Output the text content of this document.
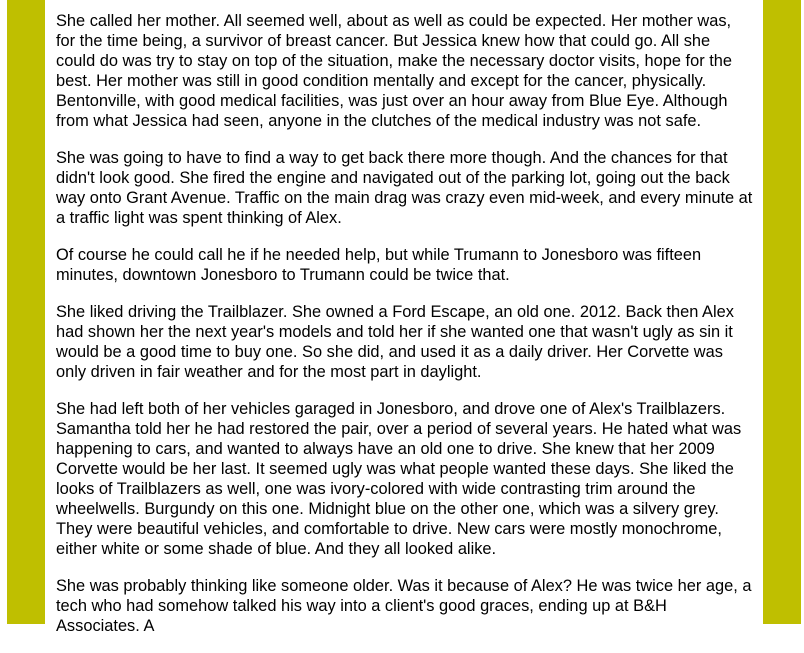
She called her mother. All seemed well, about as well as could be expected. Her mother was, for the time being, a survivor of breast cancer. But Jessica knew how that could go. All she could do was try to stay on top of the situation, make the necessary doctor visits, hope for the best. Her mother was still in good condition mentally and except for the cancer, physically. Bentonville, with good medical facilities, was just over an hour away from Blue Eye. Although from what Jessica had seen, anyone in the clutches of the medical industry was not safe.

She was going to have to find a way to get back there more though. And the chances for that didn't look good. She fired the engine and navigated out of the parking lot, going out the back way onto Grant Avenue. Traffic on the main drag was crazy even mid-week, and every minute at a traffic light was spent thinking of Alex.

Of course he could call he if he needed help, but while Trumann to Jonesboro was fifteen minutes, downtown Jonesboro to Trumann could be twice that.

She liked driving the Trailblazer. She owned a Ford Escape, an old one. 2012. Back then Alex had shown her the next year's models and told her if she wanted one that wasn't ugly as sin it would be a good time to buy one. So she did, and used it as a daily driver. Her Corvette was only driven in fair weather and for the most part in daylight.

She had left both of her vehicles garaged in Jonesboro, and drove one of Alex's Trailblazers. Samantha told her he had restored the pair, over a period of several years. He hated what was happening to cars, and wanted to always have an old one to drive. She knew that her 2009 Corvette would be her last. It seemed ugly was what people wanted these days. She liked the looks of Trailblazers as well, one was ivory-colored with wide contrasting trim around the wheelwells. Burgundy on this one. Midnight blue on the other one, which was a silvery grey. They were beautiful vehicles, and comfortable to drive. New cars were mostly monochrome, either white or some shade of blue. And they all looked alike.

She was probably thinking like someone older. Was it because of Alex? He was twice her age, a tech who had somehow talked his way into a client's good graces, ending up at B&H Associates. A
